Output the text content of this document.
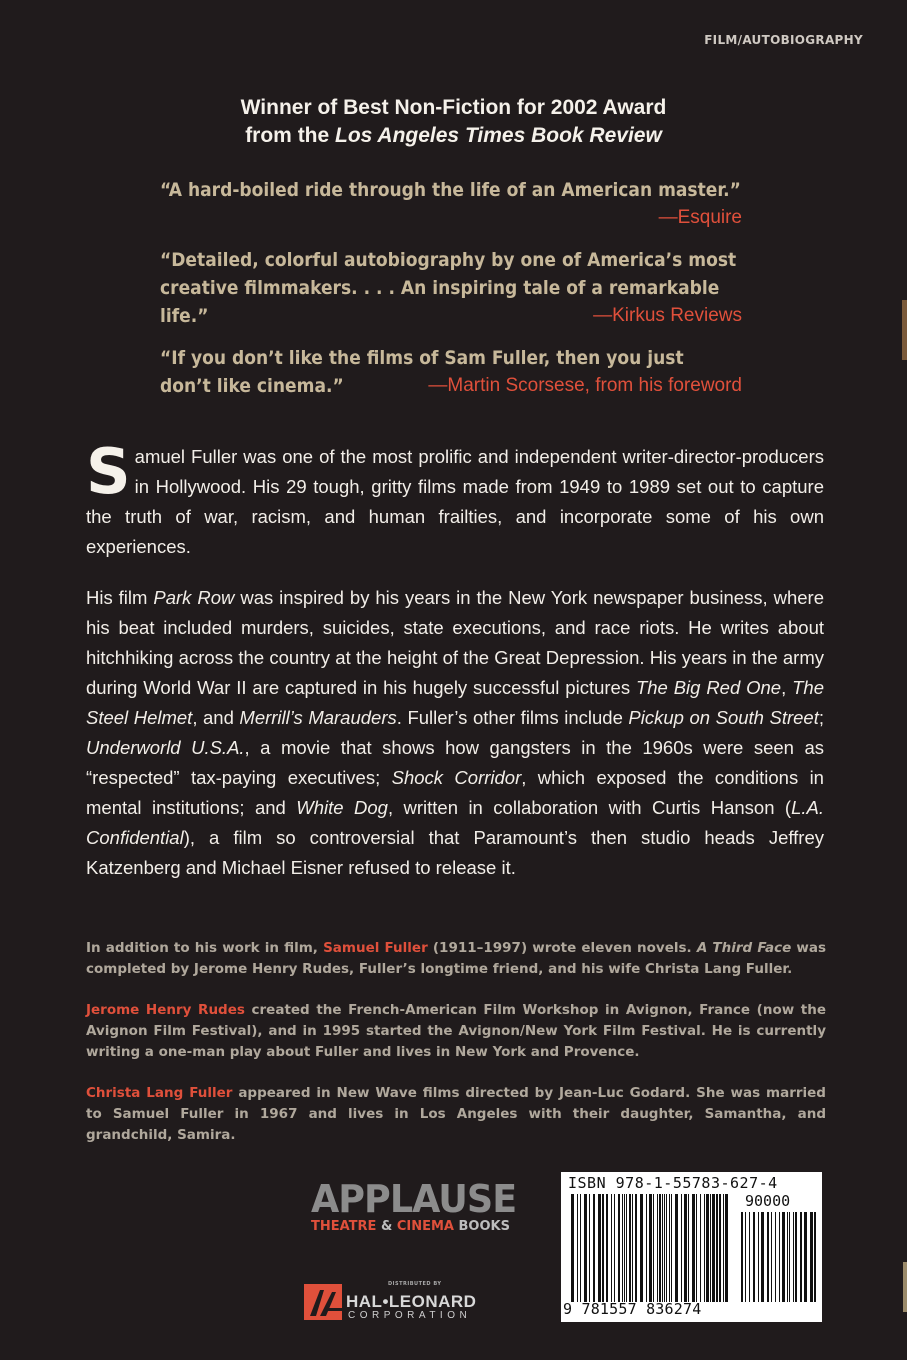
FILM/AUTOBIOGRAPHY
Winner of Best Non-Fiction for 2002 Award
from the Los Angeles Times Book Review
“A hard-boiled ride through the life of an American master.”
—Esquire
“Detailed, colorful autobiography by one of America’s most creative filmmakers. . . . An inspiring tale of a remarkable life.”	—Kirkus Reviews
“If you don’t like the films of Sam Fuller, then you just don’t like cinema.”	—Martin Scorsese, from his foreword
Samuel Fuller was one of the most prolific and independent writer-director-producers in Hollywood. His 29 tough, gritty films made from 1949 to 1989 set out to capture the truth of war, racism, and human frailties, and incorporate some of his own experiences.
His film Park Row was inspired by his years in the New York newspaper business, where his beat included murders, suicides, state executions, and race riots. He writes about hitchhiking across the country at the height of the Great Depression. His years in the army during World War II are captured in his hugely successful pictures The Big Red One, The Steel Helmet, and Merrill’s Marauders. Fuller’s other films include Pickup on South Street; Underworld U.S.A., a movie that shows how gangsters in the 1960s were seen as “respected” tax-paying executives; Shock Corridor, which exposed the conditions in mental institutions; and White Dog, written in collaboration with Curtis Hanson (L.A. Confidential), a film so controversial that Paramount’s then studio heads Jeffrey Katzenberg and Michael Eisner refused to release it.
In addition to his work in film, Samuel Fuller (1911–1997) wrote eleven novels. A Third Face was completed by Jerome Henry Rudes, Fuller’s longtime friend, and his wife Christa Lang Fuller.
Jerome Henry Rudes created the French-American Film Workshop in Avignon, France (now the Avignon Film Festival), and in 1995 started the Avignon/New York Film Festival. He is currently writing a one-man play about Fuller and lives in New York and Provence.
Christa Lang Fuller appeared in New Wave films directed by Jean-Luc Godard. She was married to Samuel Fuller in 1967 and lives in Los Angeles with their daughter, Samantha, and grandchild, Samira.
APPLAUSE
THEATRE & CINEMA BOOKS
DISTRIBUTED BY
HAL•LEONARD
CORPORATION
ISBN 978-1-55783-627-4
90000
9 781557 836274
